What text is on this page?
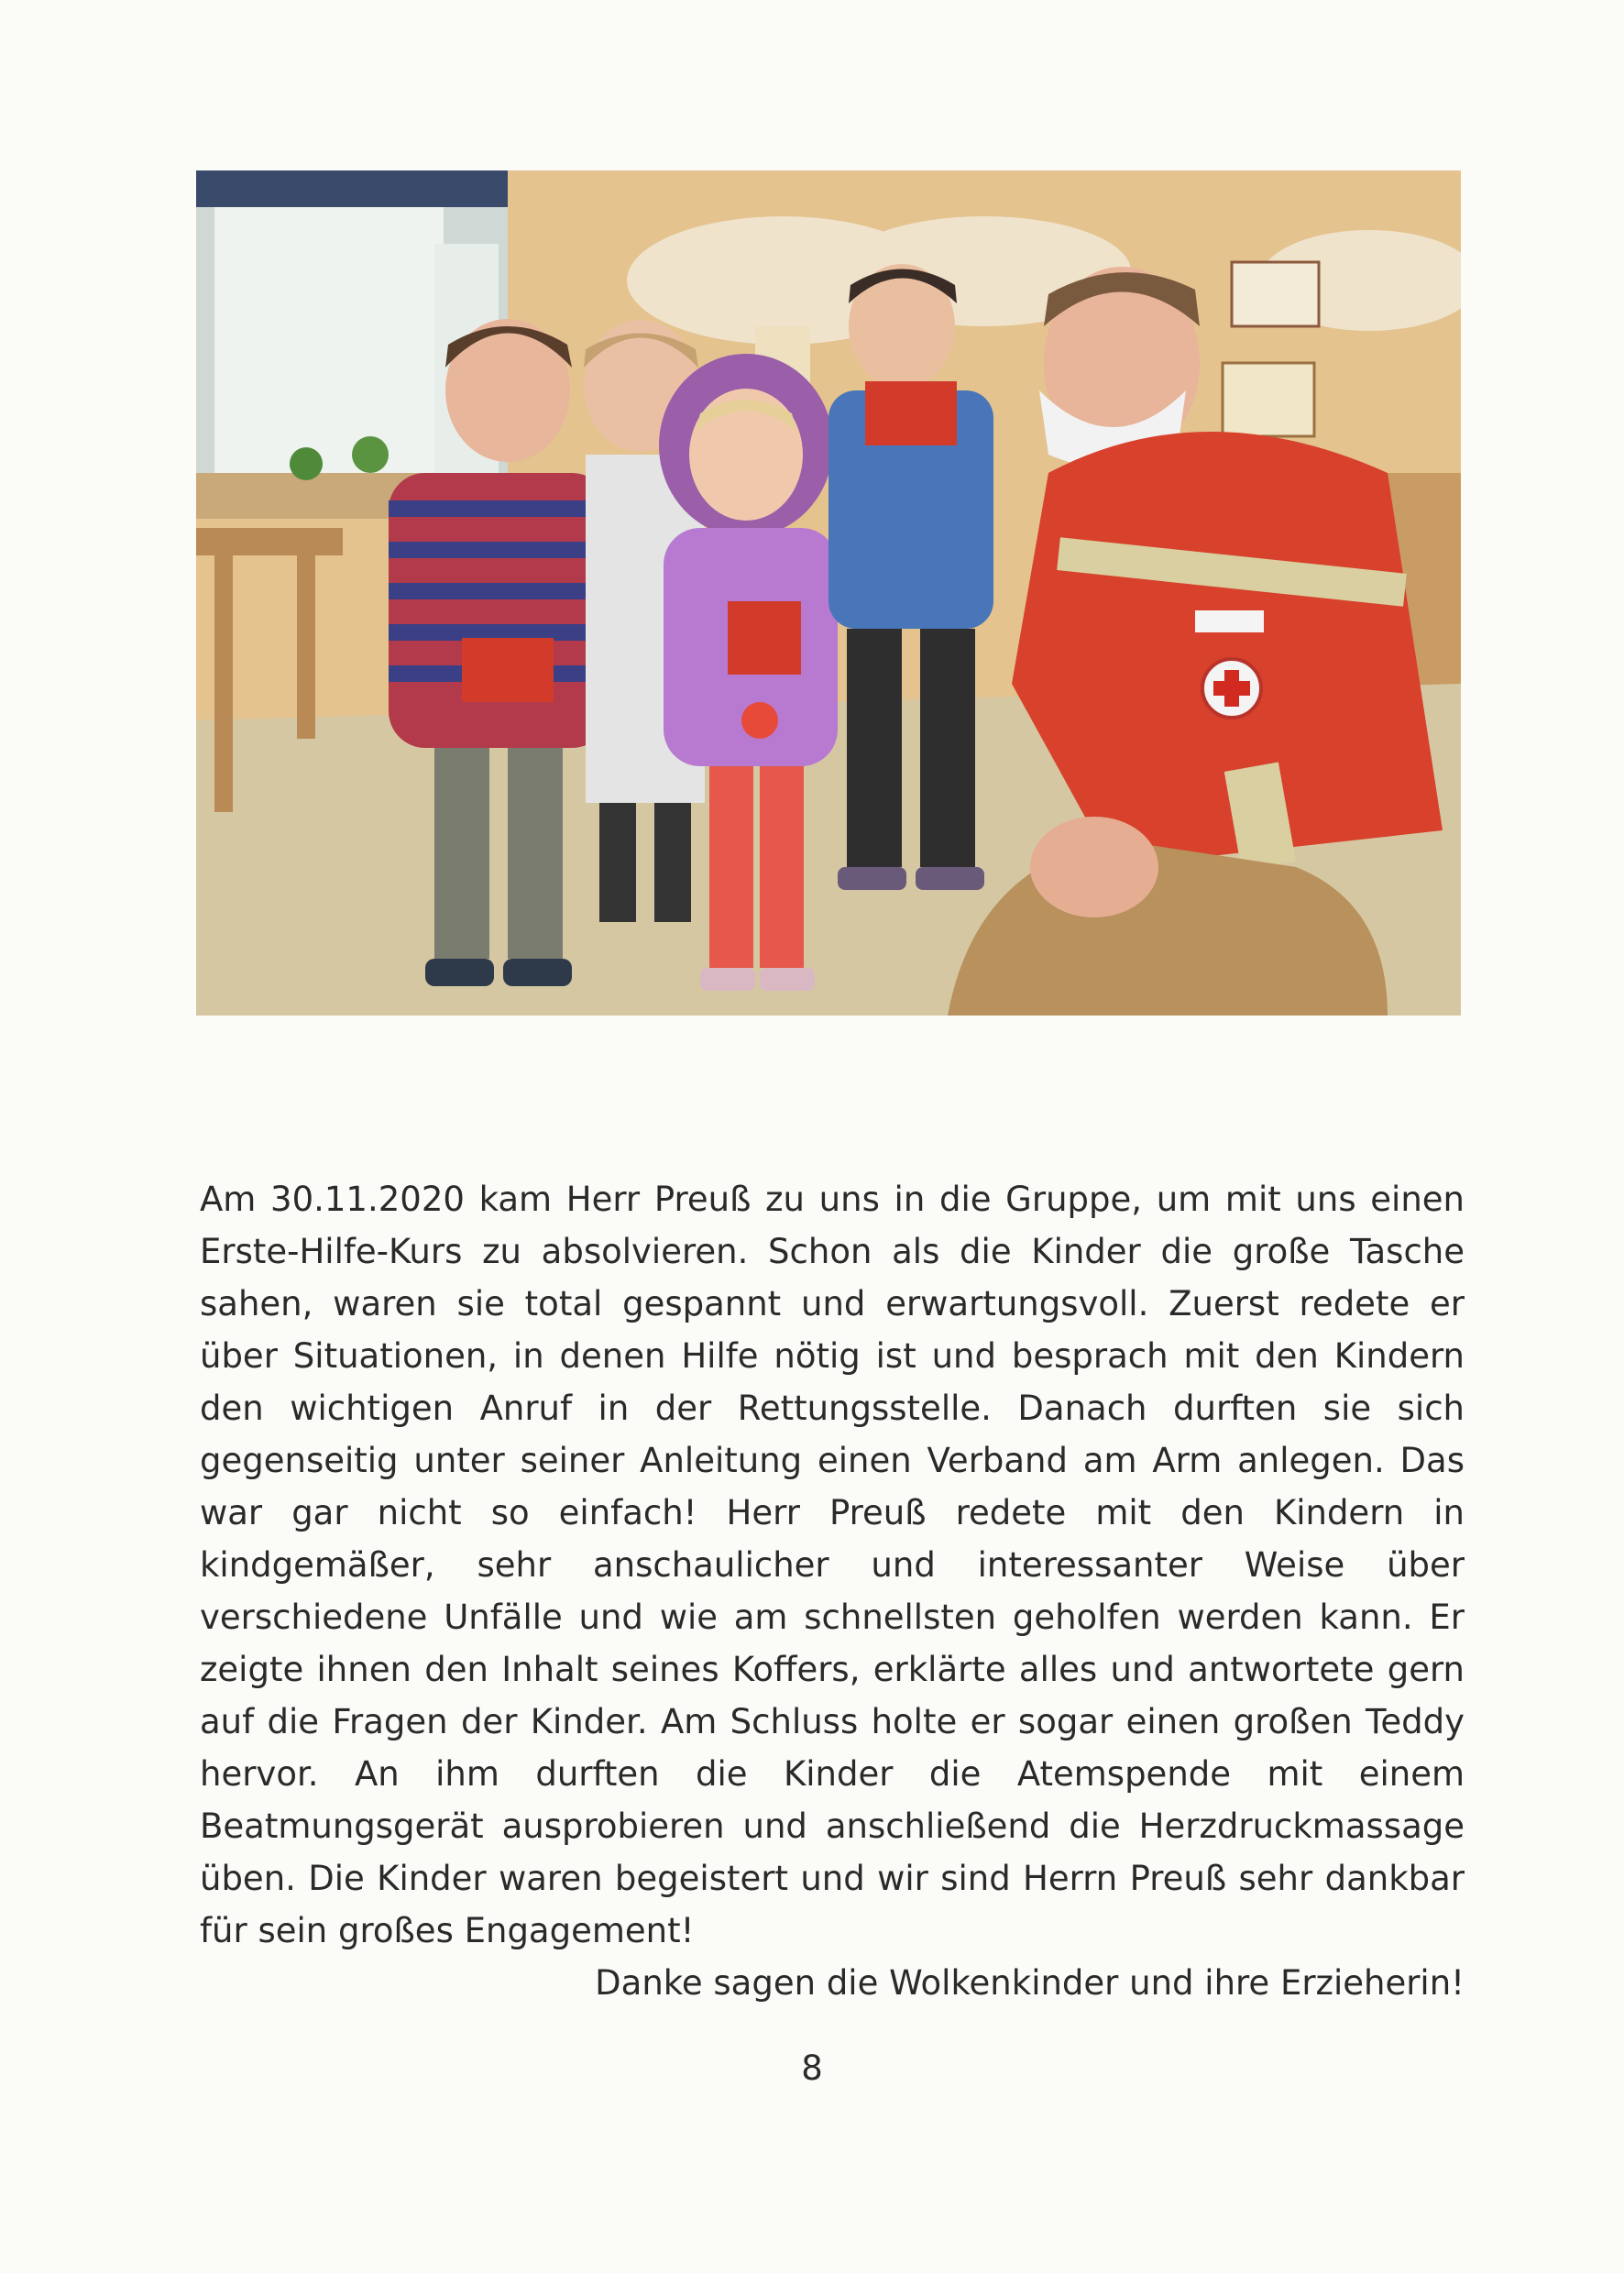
Am 30.11.2020 kam Herr Preuß zu uns in die Gruppe, um mit uns einen Erste-Hilfe-Kurs zu absolvieren. Schon als die Kinder die große Tasche sahen, waren sie total gespannt und erwartungsvoll. Zuerst redete er über Situationen, in denen Hilfe nötig ist und besprach mit den Kindern den wichtigen Anruf in der Rettungsstelle. Danach durften sie sich gegenseitig unter seiner Anleitung einen Verband am Arm anlegen. Das war gar nicht so einfach! Herr Preuß redete mit den Kindern in kindgemäßer, sehr anschaulicher und interessanter Weise über verschiedene Unfälle und wie am schnellsten geholfen werden kann. Er zeigte ihnen den Inhalt seines Koffers, erklärte alles und antwortete gern auf die Fragen der Kinder. Am Schluss holte er sogar einen großen Teddy hervor. An ihm durften die Kinder die Atemspende mit einem Beatmungsgerät ausprobieren und anschließend die Herzdruckmassage üben. Die Kinder waren begeistert und wir sind Herrn Preuß sehr dankbar für sein großes Engagement!

Danke sagen die Wolkenkinder und ihre Erzieherin!

8
